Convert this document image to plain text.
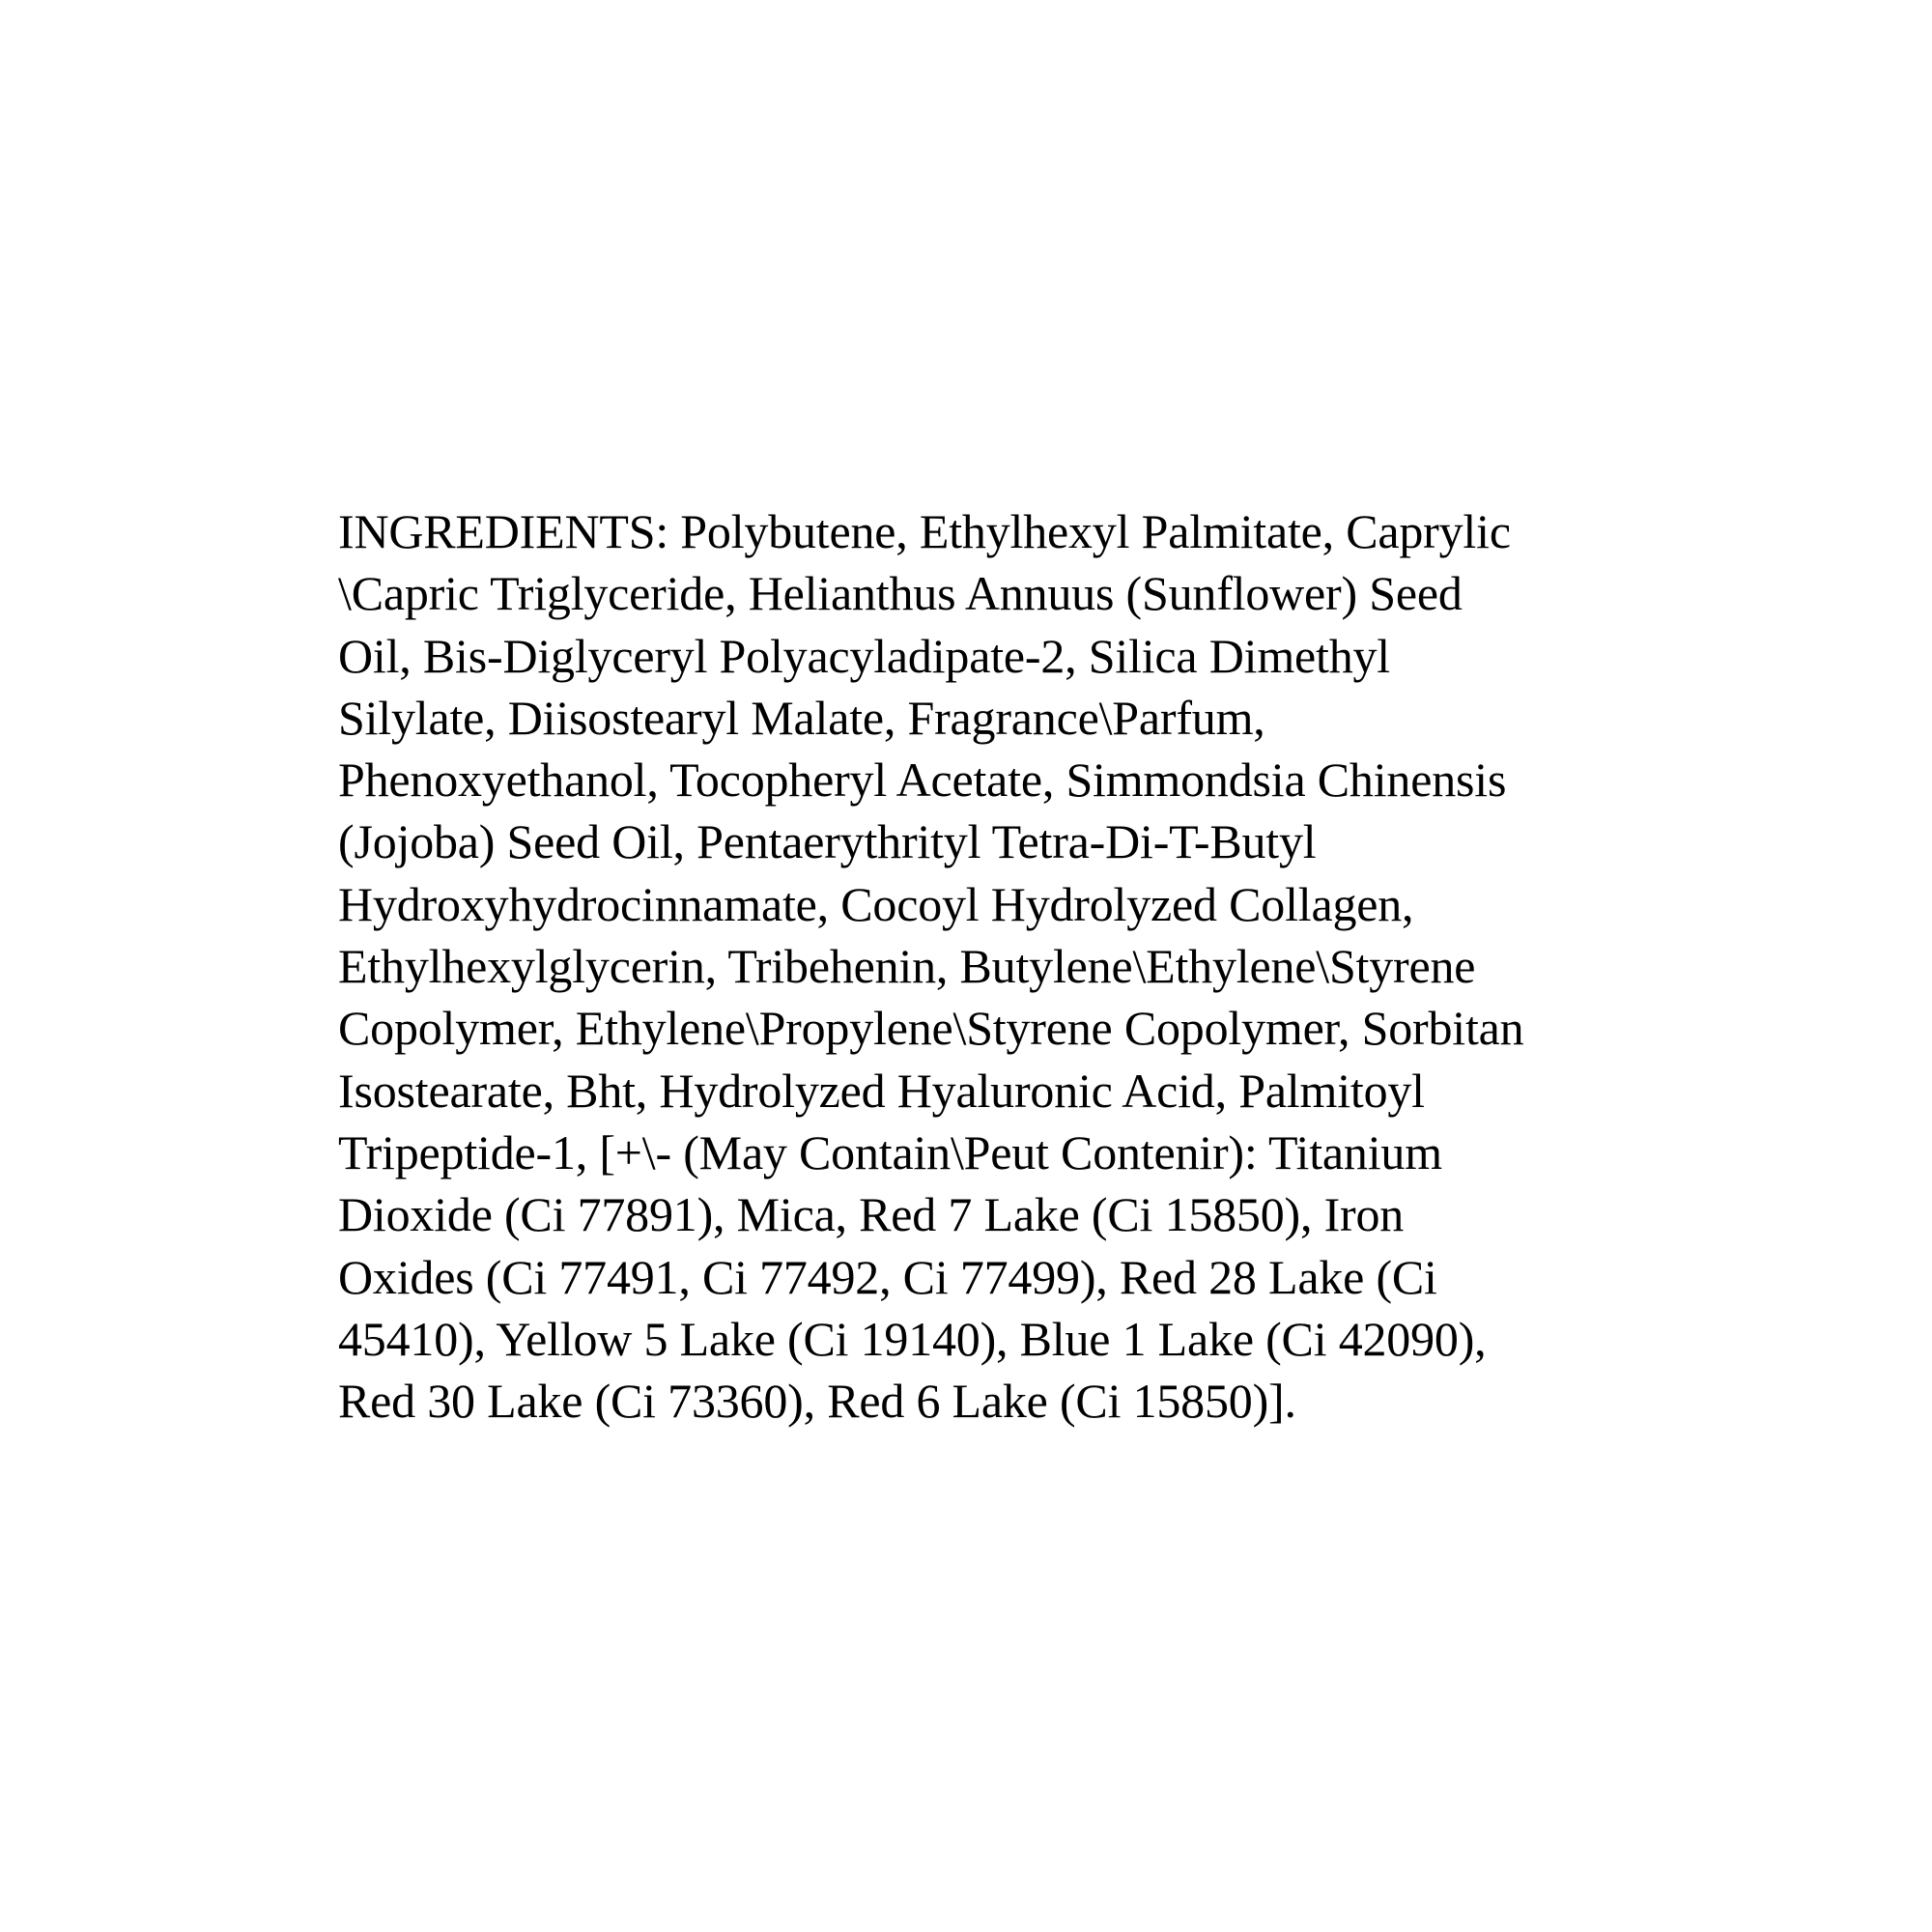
INGREDIENTS: Polybutene, Ethylhexyl Palmitate, Caprylic
\Capric Triglyceride, Helianthus Annuus (Sunflower) Seed
Oil, Bis-Diglyceryl Polyacyladipate-2, Silica Dimethyl
Silylate, Diisostearyl Malate, Fragrance\Parfum,
Phenoxyethanol, Tocopheryl Acetate, Simmondsia Chinensis
(Jojoba) Seed Oil, Pentaerythrityl Tetra-Di-T-Butyl
Hydroxyhydrocinnamate, Cocoyl Hydrolyzed Collagen,
Ethylhexylglycerin, Tribehenin, Butylene\Ethylene\Styrene
Copolymer, Ethylene\Propylene\Styrene Copolymer, Sorbitan
Isostearate, Bht, Hydrolyzed Hyaluronic Acid, Palmitoyl
Tripeptide-1, [+\- (May Contain\Peut Contenir): Titanium
Dioxide (Ci 77891), Mica, Red 7 Lake (Ci 15850), Iron
Oxides (Ci 77491, Ci 77492, Ci 77499), Red 28 Lake (Ci
45410), Yellow 5 Lake (Ci 19140), Blue 1 Lake (Ci 42090),
Red 30 Lake (Ci 73360), Red 6 Lake (Ci 15850)].
